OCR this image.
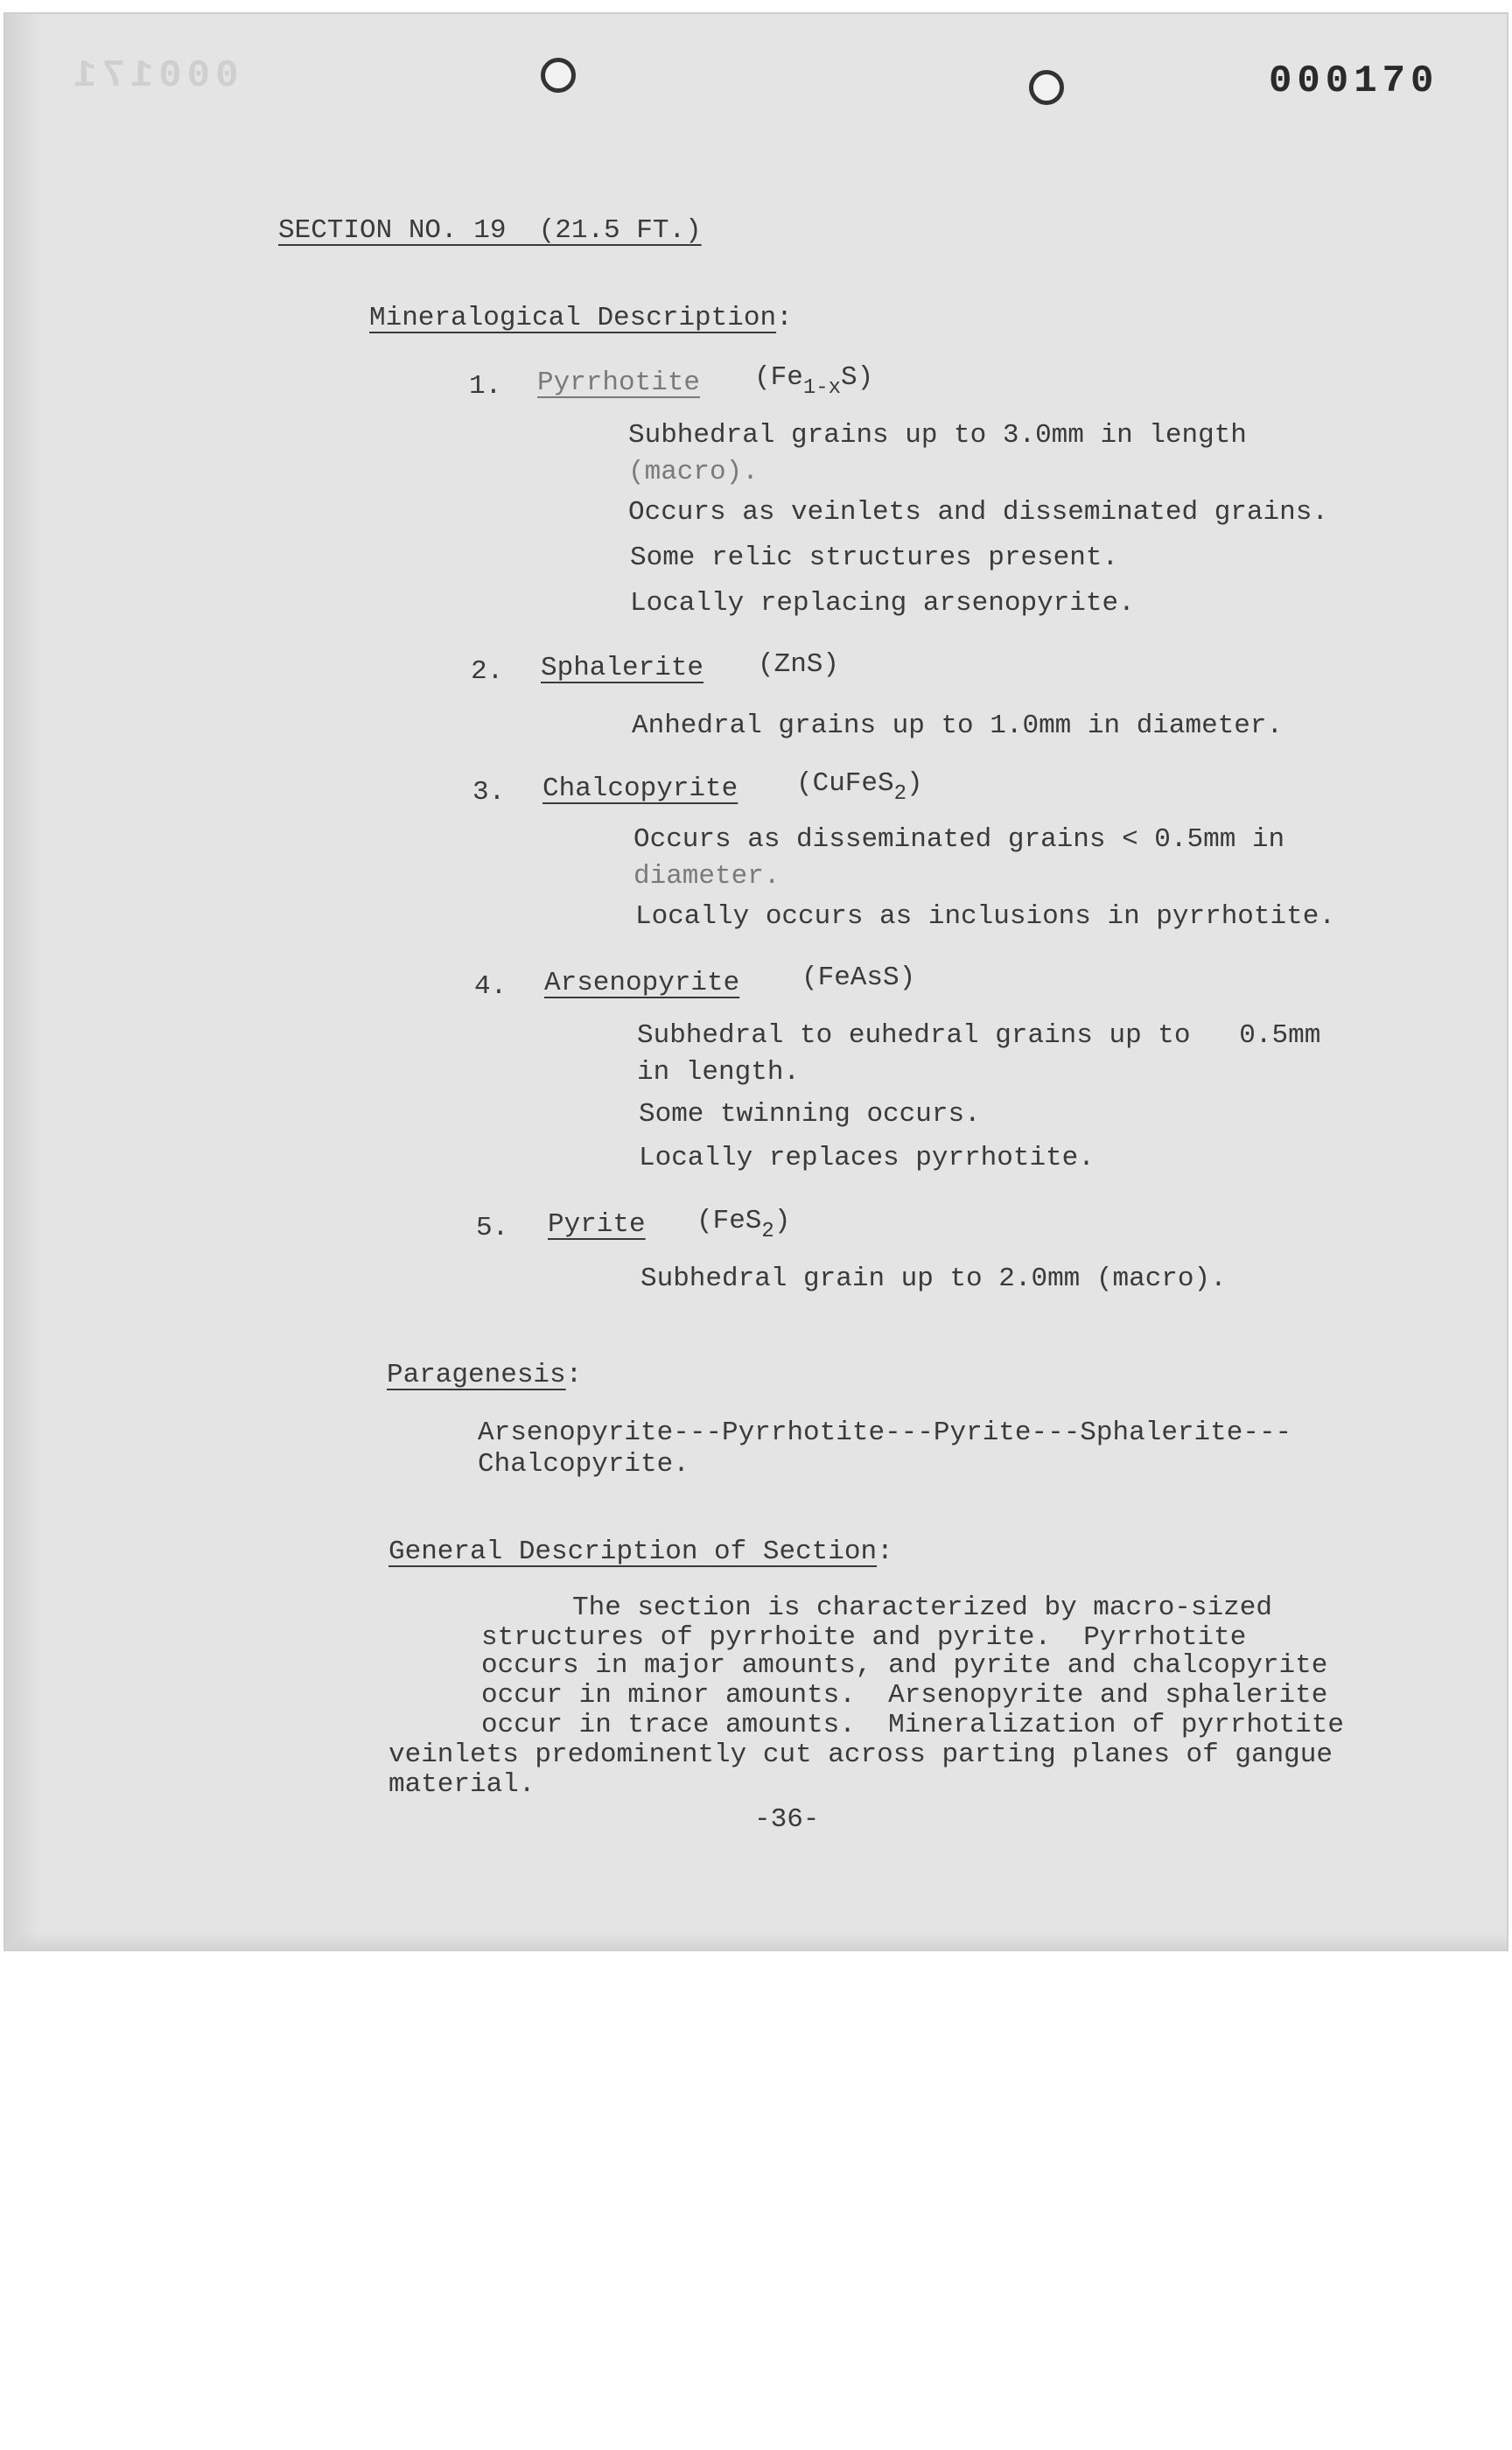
000171	000170
SECTION NO. 19  (21.5 FT.)
Mineralogical Description:
1. Pyrrhotite $(Fe_{1-x}S)$
Subhedral grains up to 3.0mm in length
(macro).
Occurs as veinlets and disseminated grains.
Some relic structures present.
Locally replacing arsenopyrite.
2. Sphalerite (ZnS)
Anhedral grains up to 1.0mm in diameter.
3. Chalcopyrite (CuFeS$_2$)
Occurs as disseminated grains < 0.5mm in
diameter.
Locally occurs as inclusions in pyrrhotite.
4. Arsenopyrite (FeAsS)
Subhedral to euhedral grains up to   0.5mm
in length.
Some twinning occurs.
Locally replaces pyrrhotite.
5. Pyrite (FeS$_2$)
Subhedral grain up to 2.0mm (macro).
Paragenesis:
Arsenopyrite---Pyrrhotite---Pyrite---Sphalerite---
Chalcopyrite.
General Description of Section:
The section is characterized by macro-sized
structures of pyrrhoite and pyrite.  Pyrrhotite
occurs in major amounts, and pyrite and chalcopyrite
occur in minor amounts.  Arsenopyrite and sphalerite
occur in trace amounts.  Mineralization of pyrrhotite
veinlets predominently cut across parting planes of gangue
material.
-36-
